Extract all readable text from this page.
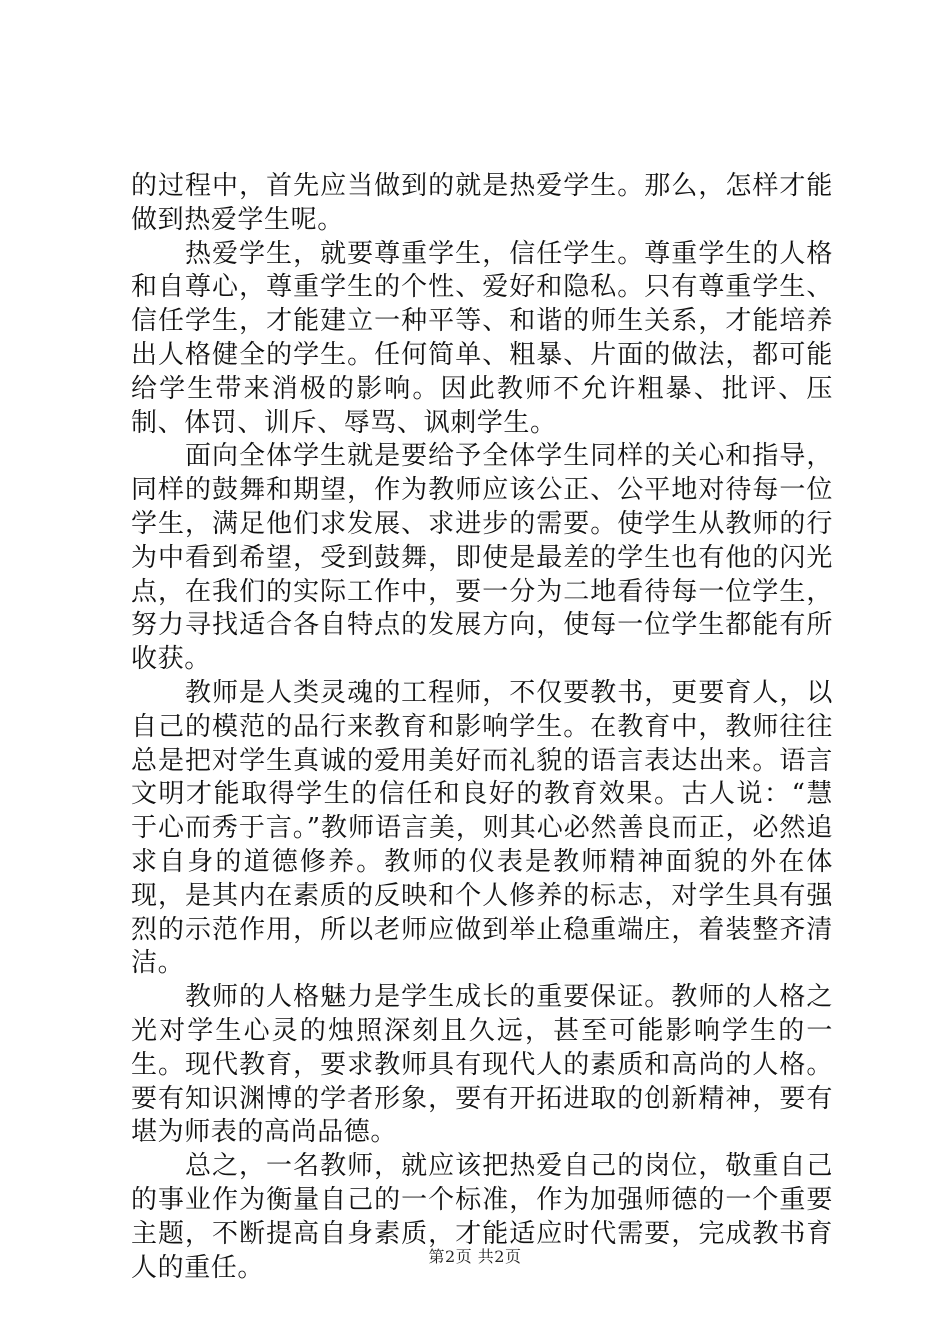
的过程中，首先应当做到的就是热爱学生。那么，怎样才能做到热爱学生呢。

热爱学生，就要尊重学生，信任学生。尊重学生的人格和自尊心，尊重学生的个性、爱好和隐私。只有尊重学生、信任学生，才能建立一种平等、和谐的师生关系，才能培养出人格健全的学生。任何简单、粗暴、片面的做法，都可能给学生带来消极的影响。因此教师不允许粗暴、批评、压制、体罚、训斥、辱骂、讽刺学生。

面向全体学生就是要给予全体学生同样的关心和指导，同样的鼓舞和期望，作为教师应该公正、公平地对待每一位学生，满足他们求发展、求进步的需要。使学生从教师的行为中看到希望，受到鼓舞，即使是最差的学生也有他的闪光点，在我们的实际工作中，要一分为二地看待每一位学生，努力寻找适合各自特点的发展方向，使每一位学生都能有所收获。

教师是人类灵魂的工程师，不仅要教书，更要育人，以自己的模范的品行来教育和影响学生。在教育中，教师往往总是把对学生真诚的爱用美好而礼貌的语言表达出来。语言文明才能取得学生的信任和良好的教育效果。古人说：“慧于心而秀于言。”教师语言美，则其心必然善良而正，必然追求自身的道德修养。教师的仪表是教师精神面貌的外在体现，是其内在素质的反映和个人修养的标志，对学生具有强烈的示范作用，所以老师应做到举止稳重端庄，着装整齐清洁。

教师的人格魅力是学生成长的重要保证。教师的人格之光对学生心灵的烛照深刻且久远，甚至可能影响学生的一生。现代教育，要求教师具有现代人的素质和高尚的人格。要有知识渊博的学者形象，要有开拓进取的创新精神，要有堪为师表的高尚品德。

总之，一名教师，就应该把热爱自己的岗位，敬重自己的事业作为衡量自己的一个标准，作为加强师德的一个重要主题，不断提高自身素质，才能适应时代需要，完成教书育人的重任。	第2页 共2页
